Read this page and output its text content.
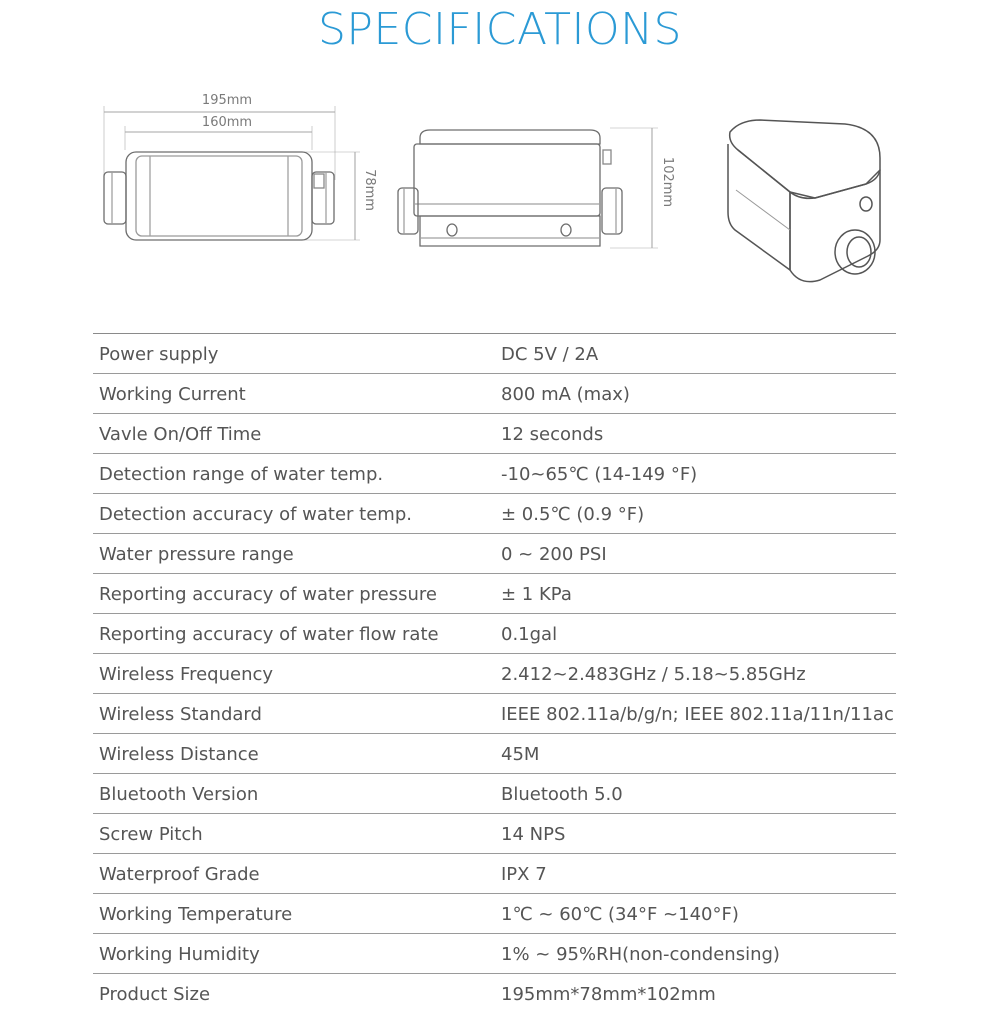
SPECIFICATIONS
195mm
160mm
78mm	102mm
Power supply	DC 5V / 2A
Working Current	800 mA (max)
Vavle On/Off Time	12 seconds
Detection range of water temp.	-10~65℃ (14-149 °F)
Detection accuracy of water temp.	± 0.5℃ (0.9 °F)
Water pressure range	0 ~ 200 PSI
Reporting accuracy of water pressure	± 1 KPa
Reporting accuracy of water flow rate	0.1gal
Wireless Frequency	2.412~2.483GHz / 5.18~5.85GHz
Wireless Standard	IEEE 802.11a/b/g/n; IEEE 802.11a/11n/11ac
Wireless Distance	45M
Bluetooth Version	Bluetooth 5.0
Screw Pitch	14 NPS
Waterproof Grade	IPX 7
Working Temperature	1℃ ~ 60℃ (34°F ~140°F)
Working Humidity	1% ~ 95%RH(non-condensing)
Product Size	195mm*78mm*102mm
